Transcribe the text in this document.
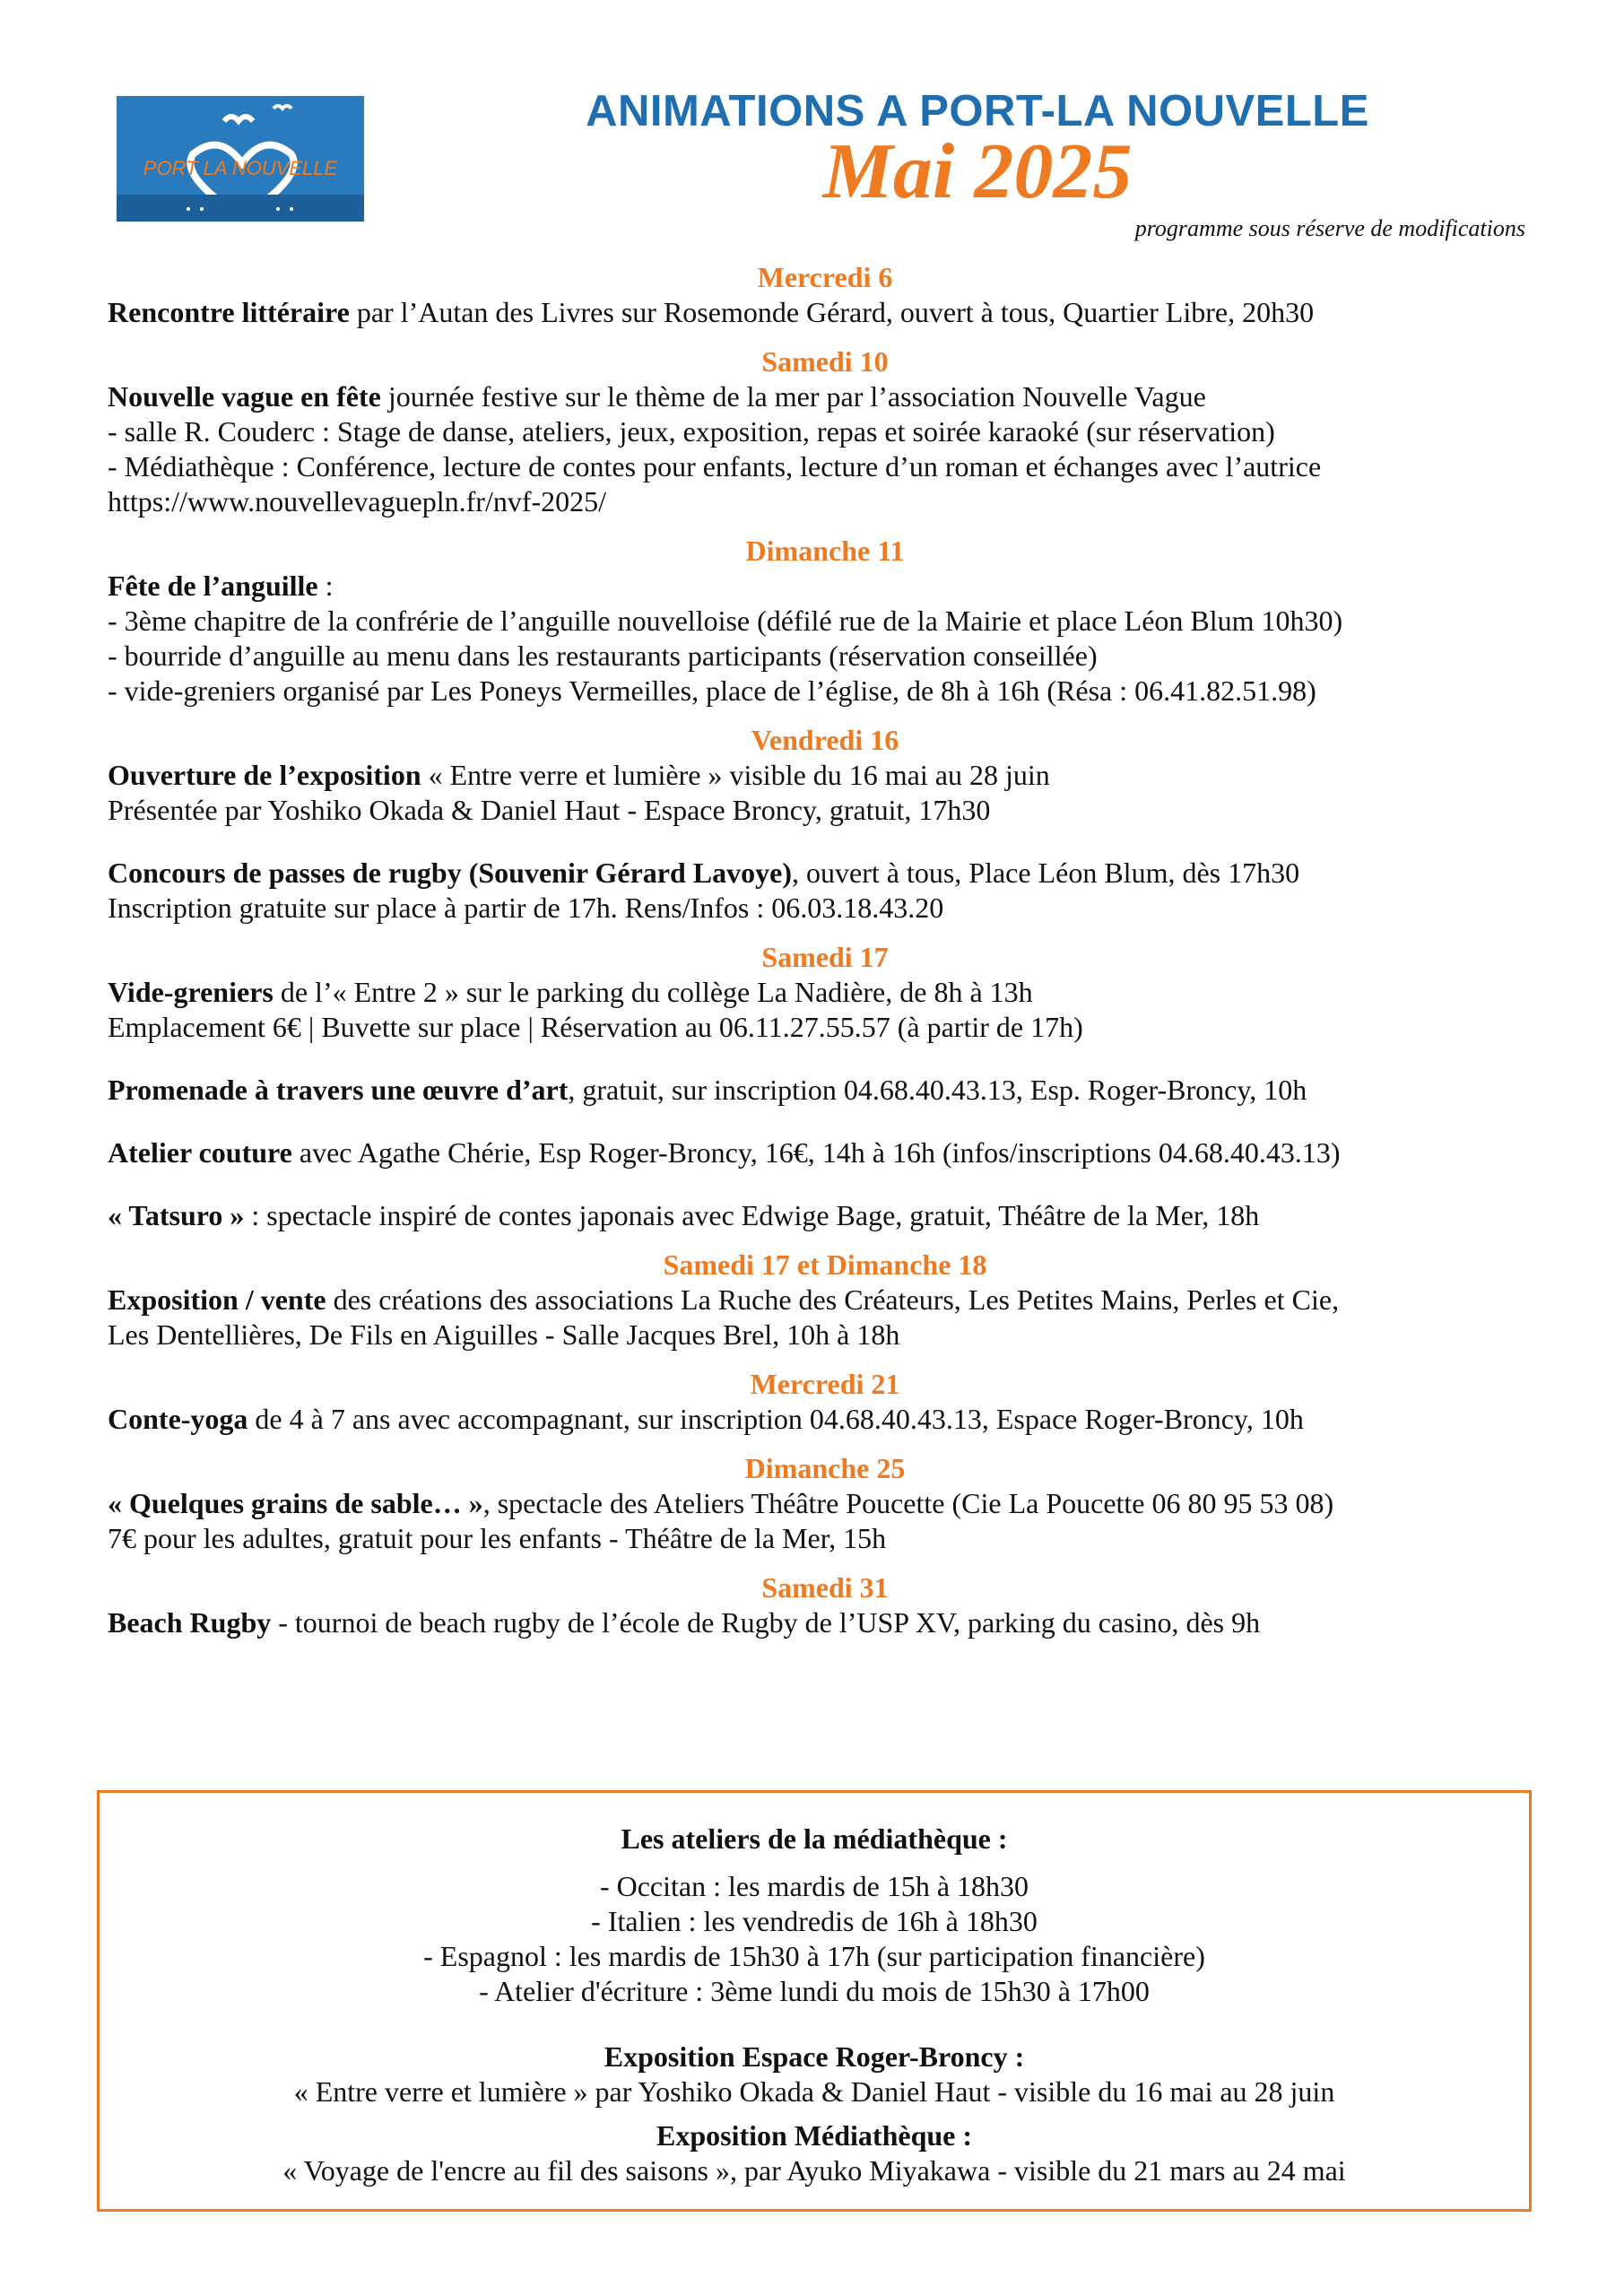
PORT LA NOUVELLE
ANIMATIONS A PORT-LA NOUVELLE
Mai 2025
programme sous réserve de modifications
Mercredi 6
Rencontre littéraire par l’Autan des Livres sur Rosemonde Gérard, ouvert à tous, Quartier Libre, 20h30
Samedi 10
Nouvelle vague en fête journée festive sur le thème de la mer par l’association Nouvelle Vague
- salle R. Couderc : Stage de danse, ateliers, jeux, exposition, repas et soirée karaoké (sur réservation)
- Médiathèque : Conférence, lecture de contes pour enfants, lecture d’un roman et échanges avec l’autrice
https://www.nouvellevaguepln.fr/nvf-2025/
Dimanche 11
Fête de l’anguille :
- 3ème chapitre de la confrérie de l’anguille nouvelloise (défilé rue de la Mairie et place Léon Blum 10h30)
- bourride d’anguille au menu dans les restaurants participants (réservation conseillée)
- vide-greniers organisé par Les Poneys Vermeilles, place de l’église, de 8h à 16h (Résa : 06.41.82.51.98)
Vendredi 16
Ouverture de l’exposition « Entre verre et lumière » visible du 16 mai au 28 juin
Présentée par Yoshiko Okada & Daniel Haut - Espace Broncy, gratuit, 17h30
Concours de passes de rugby (Souvenir Gérard Lavoye), ouvert à tous, Place Léon Blum, dès 17h30
Inscription gratuite sur place à partir de 17h. Rens/Infos : 06.03.18.43.20
Samedi 17
Vide-greniers de l’« Entre 2 » sur le parking du collège La Nadière, de 8h à 13h
Emplacement 6€ | Buvette sur place | Réservation au 06.11.27.55.57 (à partir de 17h)
Promenade à travers une œuvre d’art, gratuit, sur inscription 04.68.40.43.13, Esp. Roger-Broncy, 10h
Atelier couture avec Agathe Chérie, Esp Roger-Broncy, 16€, 14h à 16h (infos/inscriptions 04.68.40.43.13)
« Tatsuro » : spectacle inspiré de contes japonais avec Edwige Bage, gratuit, Théâtre de la Mer, 18h
Samedi 17 et Dimanche 18
Exposition / vente des créations des associations La Ruche des Créateurs, Les Petites Mains, Perles et Cie,
Les Dentellières, De Fils en Aiguilles - Salle Jacques Brel, 10h à 18h
Mercredi 21
Conte-yoga de 4 à 7 ans avec accompagnant, sur inscription 04.68.40.43.13, Espace Roger-Broncy, 10h
Dimanche 25
« Quelques grains de sable… », spectacle des Ateliers Théâtre Poucette (Cie La Poucette 06 80 95 53 08)
7€ pour les adultes, gratuit pour les enfants - Théâtre de la Mer, 15h
Samedi 31
Beach Rugby - tournoi de beach rugby de l’école de Rugby de l’USP XV, parking du casino, dès 9h
Les ateliers de la médiathèque :
- Occitan : les mardis de 15h à 18h30
- Italien : les vendredis de 16h à 18h30
- Espagnol : les mardis de 15h30 à 17h (sur participation financière)
- Atelier d'écriture : 3ème lundi du mois de 15h30 à 17h00
Exposition Espace Roger-Broncy :
« Entre verre et lumière » par Yoshiko Okada & Daniel Haut - visible du 16 mai au 28 juin
Exposition Médiathèque :
« Voyage de l'encre au fil des saisons », par Ayuko Miyakawa - visible du 21 mars au 24 mai
